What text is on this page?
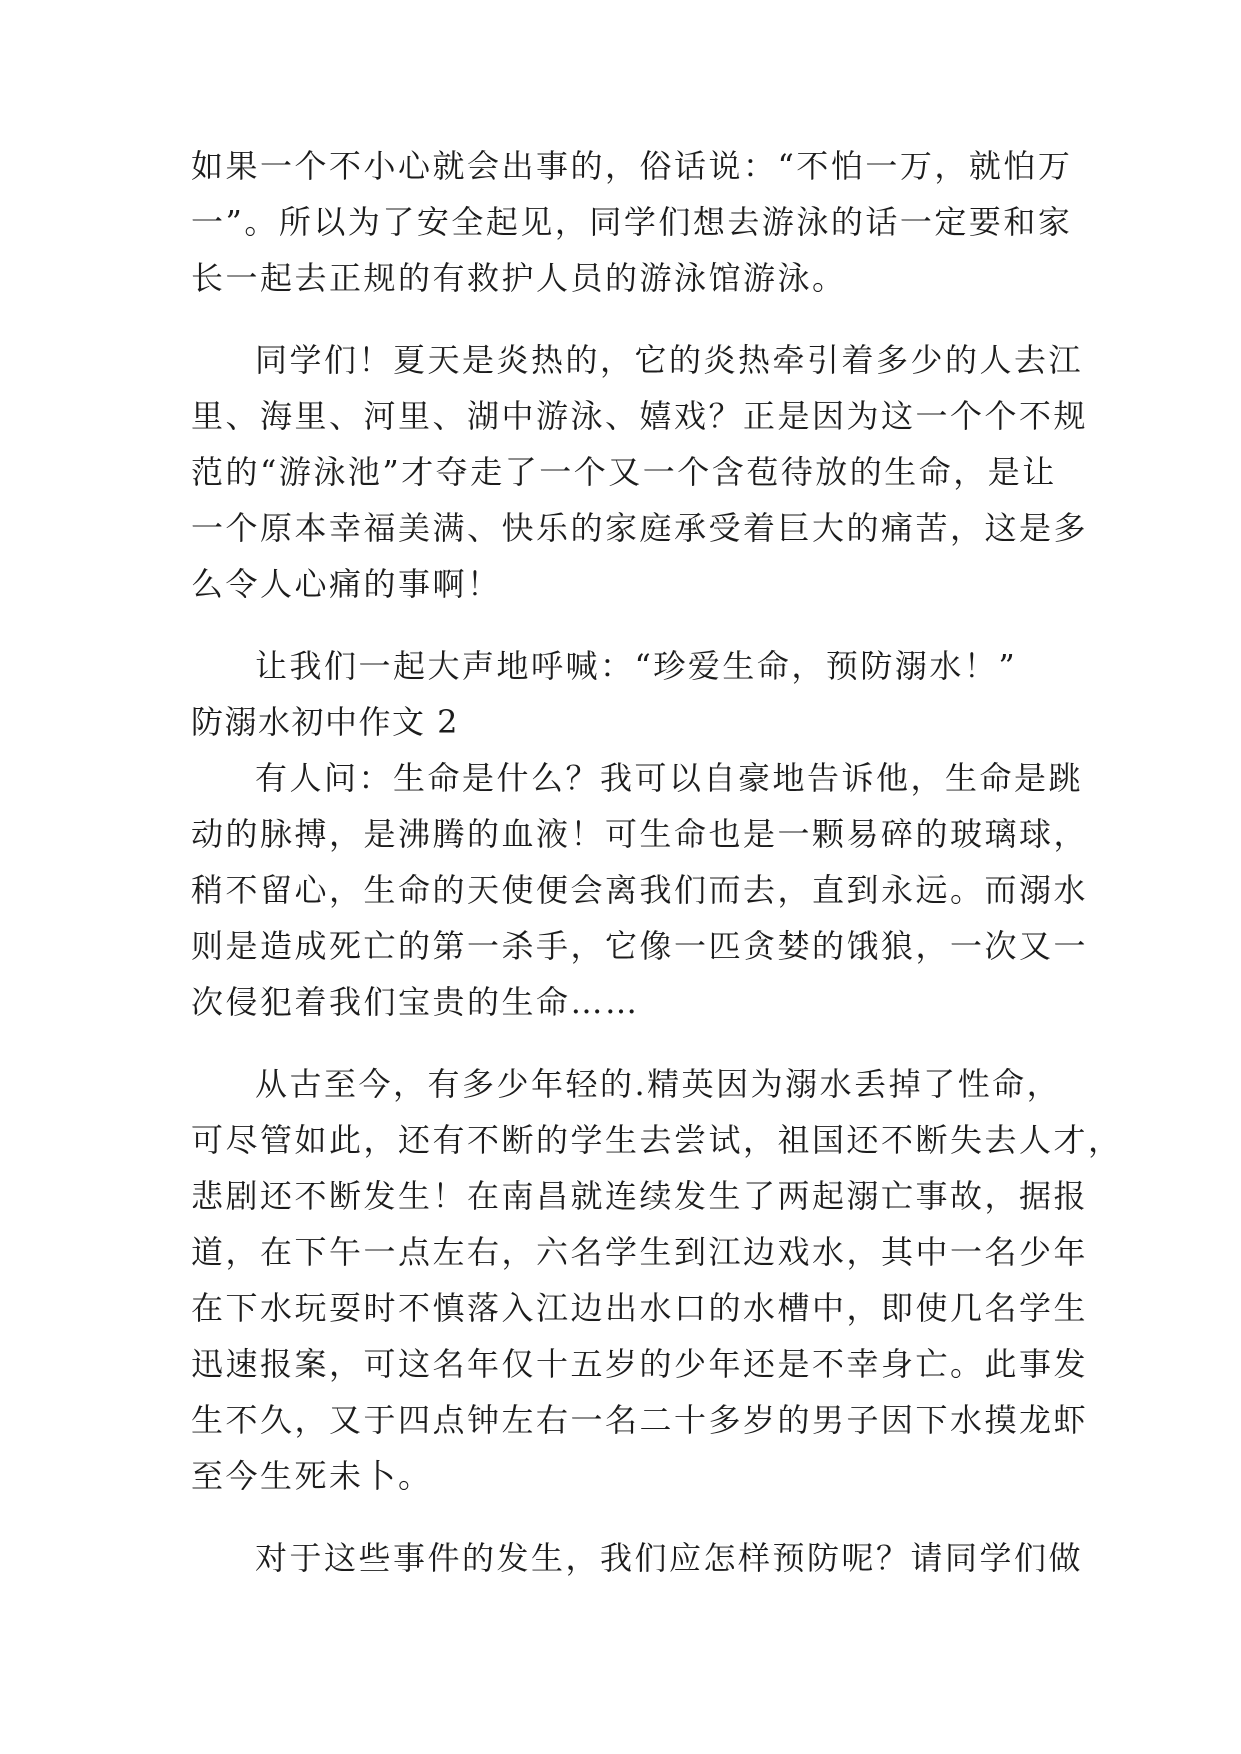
如果一个不小心就会出事的，俗话说：“不怕一万，就怕万
一”。所以为了安全起见，同学们想去游泳的话一定要和家
长一起去正规的有救护人员的游泳馆游泳。
同学们！夏天是炎热的，它的炎热牵引着多少的人去江
里、海里、河里、湖中游泳、嬉戏？正是因为这一个个不规
范的“游泳池”才夺走了一个又一个含苞待放的生命，是让
一个原本幸福美满、快乐的家庭承受着巨大的痛苦，这是多
么令人心痛的事啊！
让我们一起大声地呼喊：“珍爱生命，预防溺水！”
防溺水初中作文 2
有人问：生命是什么？我可以自豪地告诉他，生命是跳
动的脉搏，是沸腾的血液！可生命也是一颗易碎的玻璃球，
稍不留心，生命的天使便会离我们而去，直到永远。而溺水
则是造成死亡的第一杀手，它像一匹贪婪的饿狼，一次又一
次侵犯着我们宝贵的生命……
从古至今，有多少年轻的.精英因为溺水丢掉了性命，
可尽管如此，还有不断的学生去尝试，祖国还不断失去人才，
悲剧还不断发生！在南昌就连续发生了两起溺亡事故，据报
道，在下午一点左右，六名学生到江边戏水，其中一名少年
在下水玩耍时不慎落入江边出水口的水槽中，即使几名学生
迅速报案，可这名年仅十五岁的少年还是不幸身亡。此事发
生不久，又于四点钟左右一名二十多岁的男子因下水摸龙虾
至今生死未卜。
对于这些事件的发生，我们应怎样预防呢？请同学们做
